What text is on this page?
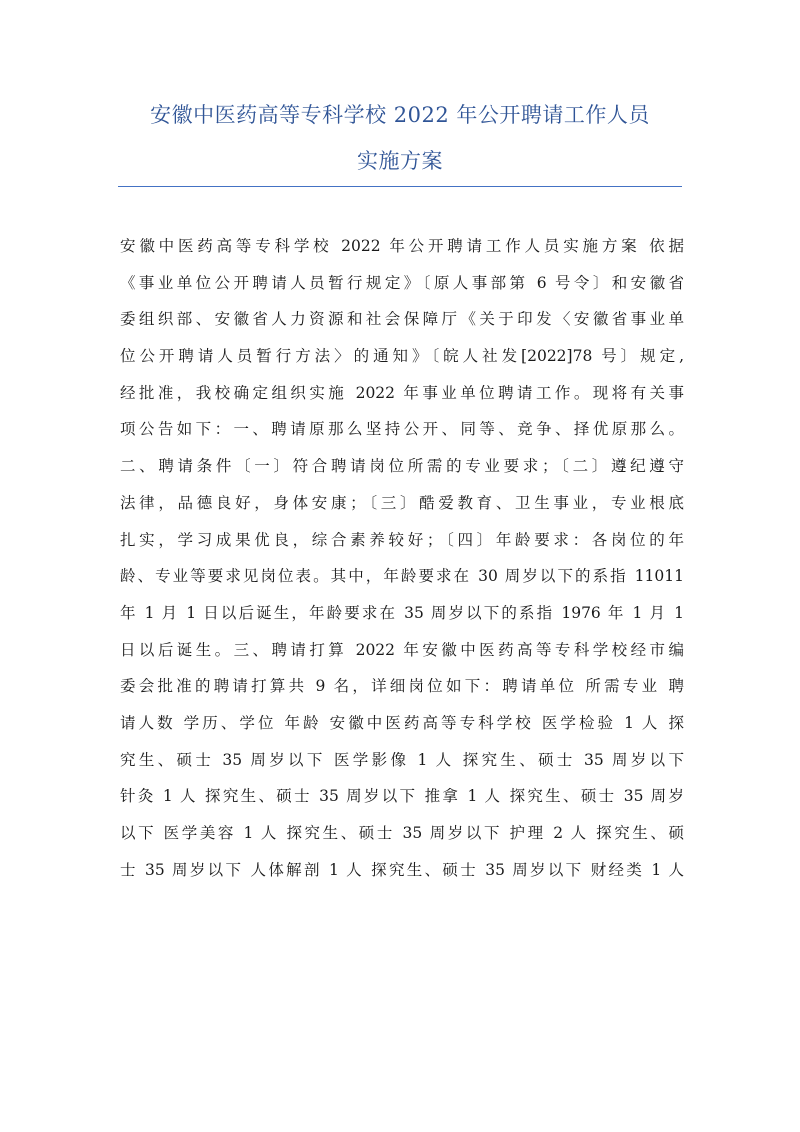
安徽中医药高等专科学校 2022 年公开聘请工作人员
实施方案
安徽中医药高等专科学校 2022 年公开聘请工作人员实施方案 依据
《事业单位公开聘请人员暂行规定》〔原人事部第 6 号令〕和安徽省
委组织部、安徽省人力资源和社会保障厅《关于印发〈安徽省事业单
位公开聘请人员暂行方法〉的通知》〔皖人社发[2022]78 号〕规定,
经批准，我校确定组织实施 2022 年事业单位聘请工作。现将有关事
项公告如下：一、聘请原那么坚持公开、同等、竞争、择优原那么。
二、聘请条件〔一〕符合聘请岗位所需的专业要求；〔二〕遵纪遵守
法律，品德良好，身体安康；〔三〕酷爱教育、卫生事业，专业根底
扎实，学习成果优良，综合素养较好；〔四〕年龄要求：各岗位的年
龄、专业等要求见岗位表。其中，年龄要求在 30 周岁以下的系指 11011
年 1 月 1 日以后诞生，年龄要求在 35 周岁以下的系指 1976 年 1 月 1
日以后诞生。三、聘请打算 2022 年安徽中医药高等专科学校经市编
委会批准的聘请打算共 9 名，详细岗位如下：聘请单位 所需专业 聘
请人数 学历、学位 年龄 安徽中医药高等专科学校 医学检验 1 人 探
究生、硕士 35 周岁以下 医学影像 1 人 探究生、硕士 35 周岁以下
针灸 1 人 探究生、硕士 35 周岁以下 推拿 1 人 探究生、硕士 35 周岁
以下 医学美容 1 人 探究生、硕士 35 周岁以下 护理 2 人 探究生、硕
士 35 周岁以下 人体解剖 1 人 探究生、硕士 35 周岁以下 财经类 1 人
